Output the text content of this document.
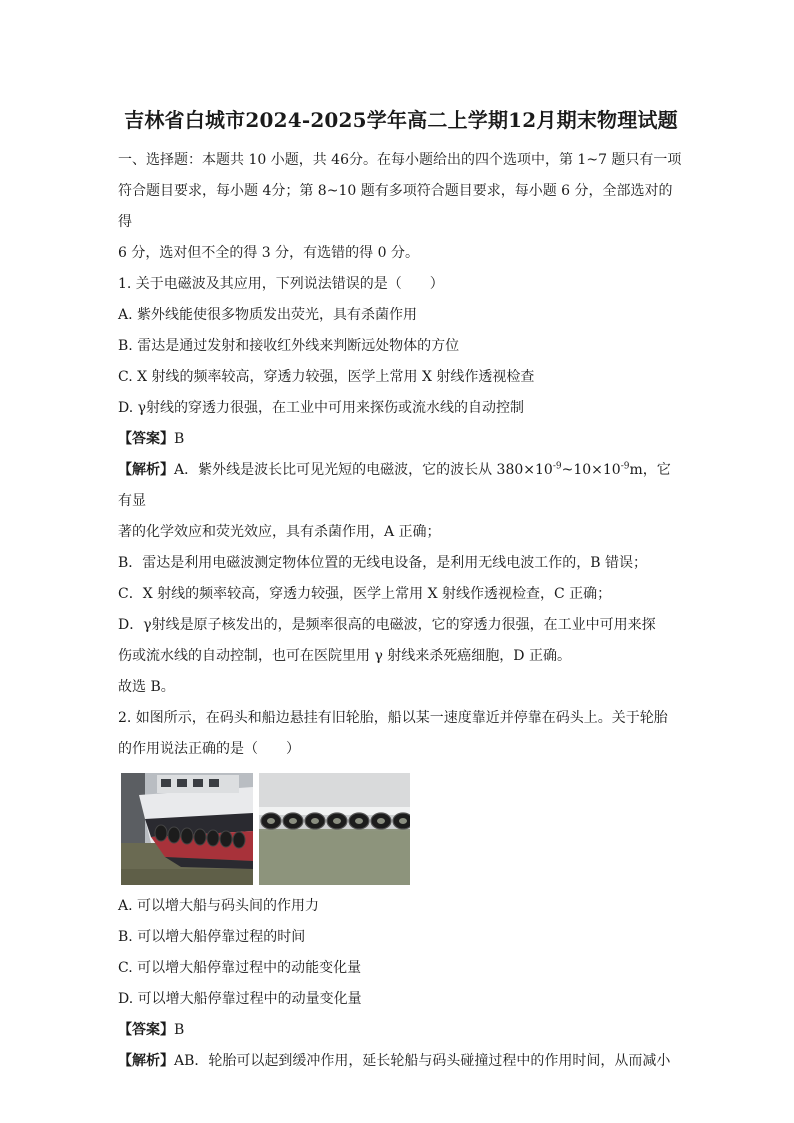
吉林省白城市2024-2025学年高二上学期12月期末物理试题

一、选择题：本题共 10 小题，共 46分。在每小题给出的四个选项中，第 1~7 题只有一项

符合题目要求，每小题 4分；第 8~10 题有多项符合题目要求，每小题 6 分，全部选对的得

6 分，选对但不全的得 3 分，有选错的得 0 分。

1. 关于电磁波及其应用，下列说法错误的是（　　）

A. 紫外线能使很多物质发出荧光，具有杀菌作用

B. 雷达是通过发射和接收红外线来判断远处物体的方位

C. X 射线的频率较高，穿透力较强，医学上常用 X 射线作透视检查

D. γ射线的穿透力很强，在工业中可用来探伤或流水线的自动控制

【答案】B

【解析】A．紫外线是波长比可见光短的电磁波，它的波长从 $380\times 10^{-9}\sim 10\times 10^{-9}m$，它有显

著的化学效应和荧光效应，具有杀菌作用，A 正确；

B．雷达是利用电磁波测定物体位置的无线电设备，是利用无线电波工作的，B 错误；

C．X 射线的频率较高，穿透力较强，医学上常用 X 射线作透视检查，C 正确；

D．γ射线是原子核发出的，是频率很高的电磁波，它的穿透力很强，在工业中可用来探

伤或流水线的自动控制，也可在医院里用 γ 射线来杀死癌细胞，D 正确。

故选 B。

2. 如图所示，在码头和船边悬挂有旧轮胎，船以某一速度靠近并停靠在码头上。关于轮胎

的作用说法正确的是（　　）

A. 可以增大船与码头间的作用力

B. 可以增大船停靠过程的时间

C. 可以增大船停靠过程中的动能变化量

D. 可以增大船停靠过程中的动量变化量

【答案】B

【解析】AB．轮胎可以起到缓冲作用，延长轮船与码头碰撞过程中的作用时间，从而减小
